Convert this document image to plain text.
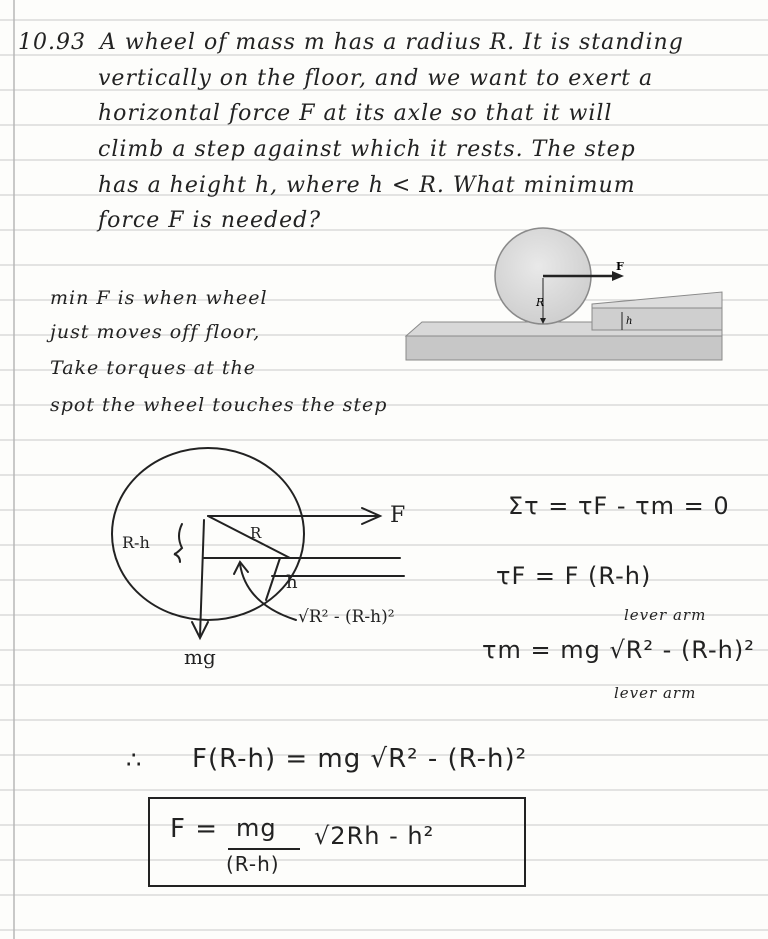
10.93 A wheel of mass m has a radius R. It is standing
vertically on the floor, and we want to exert a
horizontal force F at its axle so that it will
climb a step against which it rests. The step
has a height h, where h < R. What minimum
force F is needed?
F
R
h
min F is when wheel
just moves off floor,
Take torques at the
spot the wheel touches the step
F
R
mg
R-h
h
√R² - (R-h)²
Στ = τF - τm = 0
τF = F (R-h)
lever arm
τm = mg √R² - (R-h)²
lever arm
∴ F(R-h) = mg √R² - (R-h)²
F = mg
(R-h)
√2Rh - h²
